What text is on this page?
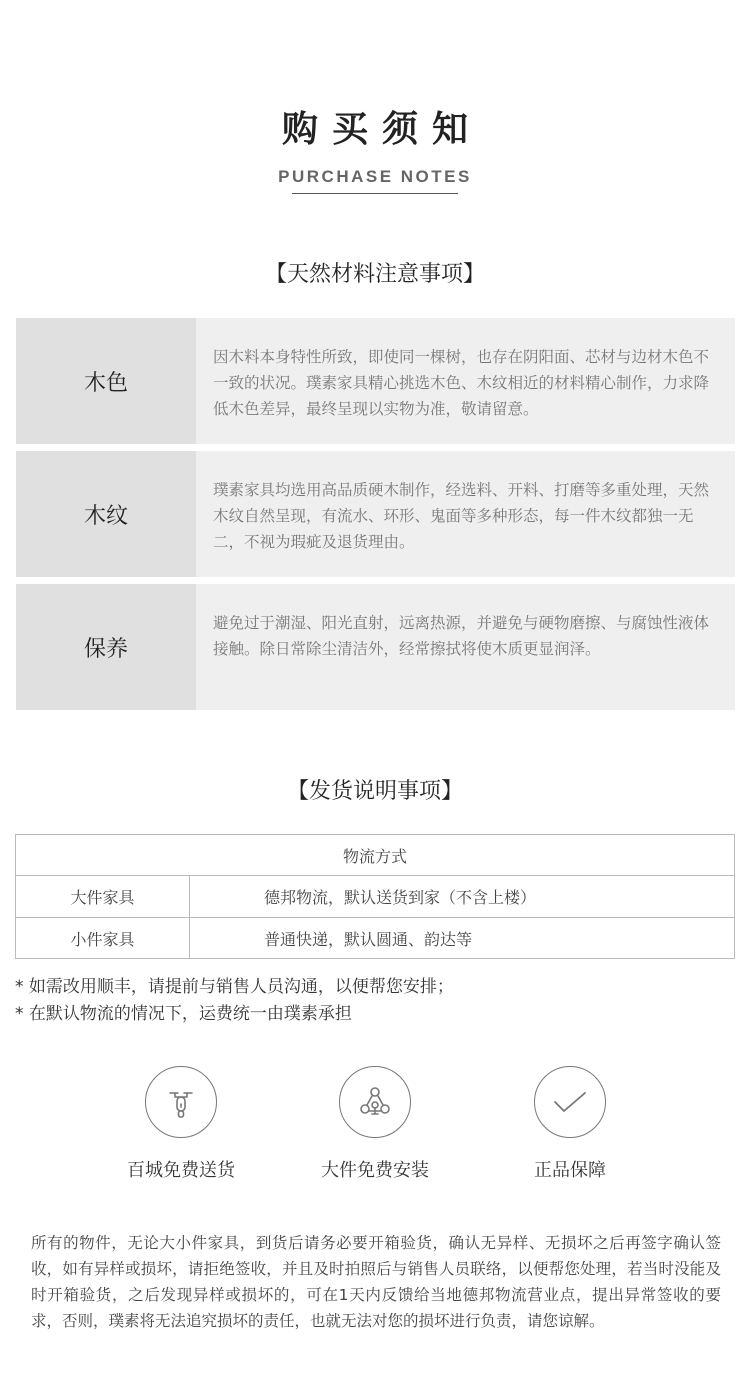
购买须知
PURCHASE NOTES
【天然材料注意事项】
木色
因木料本身特性所致，即使同一棵树，也存在阴阳面、芯材与边材木色不一致的状况。璞素家具精心挑选木色、木纹相近的材料精心制作，力求降低木色差异，最终呈现以实物为准，敬请留意。
木纹
璞素家具均选用高品质硬木制作，经选料、开料、打磨等多重处理，天然木纹自然呈现，有流水、环形、鬼面等多种形态，每一件木纹都独一无二，不视为瑕疵及退货理由。
保养
避免过于潮湿、阳光直射，远离热源，并避免与硬物磨擦、与腐蚀性液体接触。除日常除尘清洁外，经常擦拭将使木质更显润泽。
【发货说明事项】
物流方式
大件家具	德邦物流，默认送货到家（不含上楼）
小件家具	普通快递，默认圆通、韵达等
* 如需改用顺丰，请提前与销售人员沟通，以便帮您安排；
* 在默认物流的情况下，运费统一由璞素承担
百城免费送货	大件免费安装	正品保障
所有的物件，无论大小件家具，到货后请务必要开箱验货，确认无异样、无损坏之后再签字确认签收，如有异样或损坏，请拒绝签收，并且及时拍照后与销售人员联络，以便帮您处理，若当时没能及时开箱验货，之后发现异样或损坏的，可在1天内反馈给当地德邦物流营业点，提出异常签收的要求，否则，璞素将无法追究损坏的责任，也就无法对您的损坏进行负责，请您谅解。
